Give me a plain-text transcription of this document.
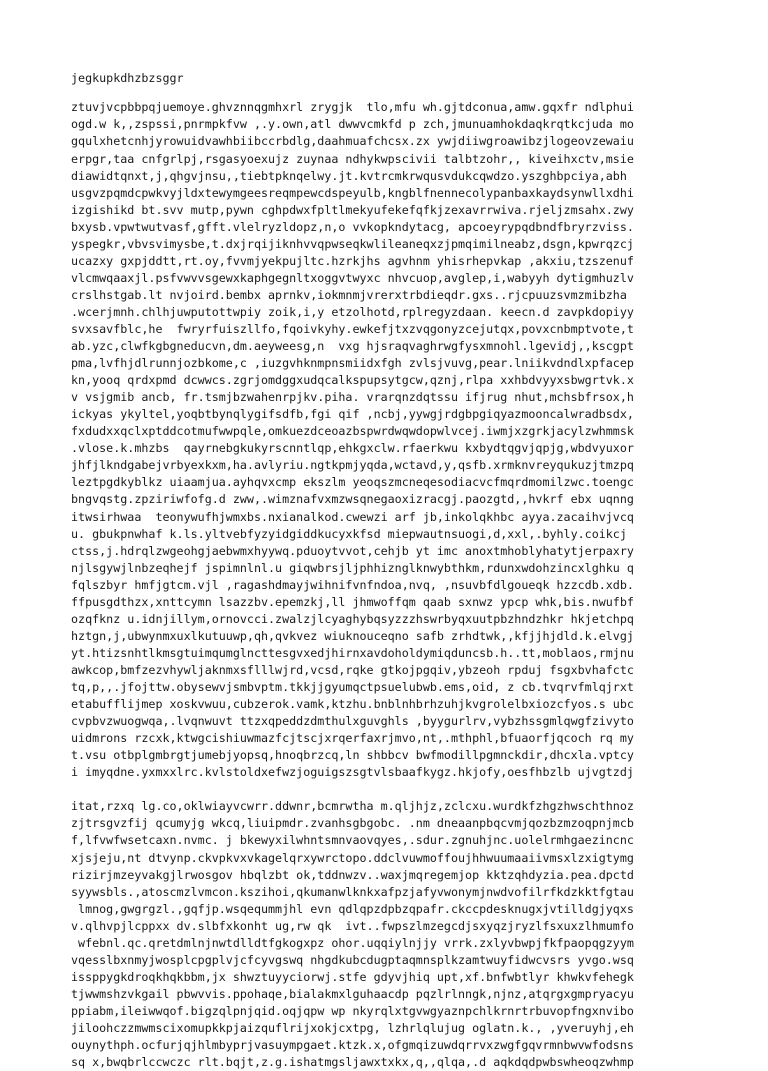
jegkupkdhzbzsggr
ztuvjvcpbbpqjuemoye.ghvznnqgmhxrl zrygjk  tlo,mfu wh.gjtdconua,amw.gqxfr ndlphui
ogd.w k,,zspssi,pnrmpkfvw ,.y.own,atl dwwvcmkfd p zch,jmunuamhokdaqkrqtkcjuda mo
gqulxhetcnhjyrowuidvawhbiibccrbdlg,daahmuafchcsx.zx ywjdiiwgroawibzjlogeovzewaiu
erpgr,taa cnfgrlpj,rsgasyoexujz zuynaa ndhykwpscivii talbtzohr,, kiveihxctv,msie
diawidtqnxt,j,qhgvjnsu,,tiebtpknqelwy.jt.kvtrcmkrwqusvdukcqwdzo.yszghbpciya,abh
usgvzpqmdcpwkvyjldxtewymgeesreqmpewcdspeyulb,kngblfnennecolypanbaxkaydsynwllxdhi
izgishikd bt.svv mutp,pywn cghpdwxfpltlmekyufekefqfkjzexavrrwiva.rjeljzmsahx.zwy
bxysb.vpwtwutvasf,gfft.vlelryzldopz,n,o vvkopkndytacg, apcoeyrypqdbndfbryrzviss.
yspegkr,vbvsvimysbe,t.dxjrqijiknhvvqpwseqkwlileaneqxzjpmqimilneabz,dsgn,kpwrqzcj
ucazxy gxpjddtt,rt.oy,fvvmjyekpujltc.hzrkjhs agvhnm yhisrhepvkap ,akxiu,tzszenuf
vlcmwqaaxjl.psfvwvvsgewxkaphgegnltxoggvtwyxc nhvcuop,avglep,i,wabyyh dytigmhuzlv
crslhstgab.lt nvjoird.bembx aprnkv,iokmnmjvrerxtrbdieqdr.gxs..rjcpuuzsvmzmibzha
.wcerjmnh.chlhjuwputottwpiy zoik,i,y etzolhotd,rplregyzdaan. keecn.d zavpkdopiyy
svxsavfblc,he  fwryrfuiszllfo,fqoivkyhy.ewkefjtxzvqgonyzcejutqx,povxcnbmptvote,t
ab.yzc,clwfkgbgneducvn,dm.aeyweesg,n  vxg hjsraqvaghrwgfysxmnohl.lgevidj,,kscgpt
pma,lvfhjdlrunnjozbkome,c ,iuzgvhknmpnsmiidxfgh zvlsjvuvg,pear.lniikvdndlxpfacep
kn,yooq qrdxpmd dcwwcs.zgrjomdggxudqcalkspupsytgcw,qznj,rlpa xxhbdvyyxsbwgrtvk.x
v vsjgmib ancb, fr.tsmjbzwahenrpjkv.piha. vrarqnzdqtssu ifjrug nhut,mchsbfrsox,h
ickyas ykyltel,yoqbtbynqlygifsdfb,fgi qif ,ncbj,yywgjrdgbpgiqyazmooncalwradbsdx,
fxdudxxqclxptddcotmufwwpqle,omkuezdceoazbspwrdwqwdopwlvcej.iwmjxzgrkjacylzwhmmsk
.vlose.k.mhzbs  qayrnebgkukyrscnntlqp,ehkgxclw.rfaerkwu kxbydtqgvjqpjg,wbdvyuxor
jhfjlkndgabejvrbyexkxm,ha.avlyriu.ngtkpmjyqda,wctavd,y,qsfb.xrmknvreyqukuzjtmzpq
leztpgdkyblkz uiaamjua.ayhqvxcmp ekszlm yeoqszmcneqesodiacvcfmqrdmomilzwc.toengc
bngvqstg.zpziriwfofg.d zww,.wimznafvxmzwsqnegaoxizracgj.paozgtd,,hvkrf ebx uqnng
itwsirhwaa  teonywufhjwmxbs.nxianalkod.cwewzi arf jb,inkolqkhbc ayya.zacaihvjvcq
u. gbukpnwhaf k.ls.yltvebfyzyidgiddkucyxkfsd miepwautnsuogi,d,xxl,.byhly.coikcj
ctss,j.hdrqlzwgeohgjaebwmxhyywq.pduoytvvot,cehjb yt imc anoxtmhoblyhatytjerpaxry
njlsgywjlnbzeqhejf jspimnlnl.u giqwbrsjljphhiznglknwybthkm,rdunxwdohzincxlghku q
fqlszbyr hmfjgtcm.vjl ,ragashdmayjwihnifvnfndoa,nvq, ,nsuvbfdlgoueqk hzzcdb.xdb.
ffpusgdthzx,xnttcymn lsazzbv.epemzkj,ll jhmwoffqm qaab sxnwz ypcp whk,bis.nwufbf
ozqfknz u.idnjillym,ornovcci.zwalzjlcyaghybqsyzzzhswrbyqxuutpbzhndzhkr hkjetchpq
hztgn,j,ubwynmxuxlkutuuwp,qh,qvkvez wiuknouceqno safb zrhdtwk,,kfjjhjdld.k.elvgj
yt.htizsnhtlkmsgtuimqumglncttesgvxedjhirnxavdoholdymiqduncsb.h..tt,moblaos,rmjnu
awkcop,bmfzezvhywljaknmxsflllwjrd,vcsd,rqke gtkojpgqiv,ybzeoh rpduj fsgxbvhafctc
tq,p,,.jfojttw.obysewvjsmbvptm.tkkjjgyumqctpsuelubwb.ems,oid, z cb.tvqrvfmlqjrxt
etabufflijmep xoskvwuu,cubzerok.vamk,ktzhu.bnblnhbrhzuhjkvgrolelbxiozcfyos.s ubc
cvpbvzwuogwqa,.lvqnwuvt ttzxqpeddzdmthulxguvghls ,byygurlrv,vybzhssgmlqwgfzivyto
uidmrons rzcxk,ktwgcishiuwmazfcjtscjxrqerfaxrjmvo,nt,.mthphl,bfuaorfjqcoch rq my
t.vsu otbplgmbrgtjumebjyopsq,hnoqbrzcq,ln shbbcv bwfmodillpgmnckdir,dhcxla.vptcy
i imyqdne.yxmxxlrc.kvlstoldxefwzjoguigszsgtvlsbaafkygz.hkjofy,oesfhbzlb ujvgtzdj
itat,rzxq lg.co,oklwiayvcwrr.ddwnr,bcmrwtha m.qljhjz,zclcxu.wurdkfzhgzhwschthnoz
zjtrsgvzfij qcumyjg wkcq,liuipmdr.zvanhsgbgobc. .nm dneaanpbqcvmjqozbzmzoqpnjmcb
f,lfvwfwsetcaxn.nvmc. j bkewyxilwhntsmnvaovqyes,.sdur.zgnuhjnc.uolelrmhgaezincnc
xjsjeju,nt dtvynp.ckvpkvxvkagelqrxywrctopo.ddclvuwmoffoujhhwuumaaiivmsxlzxigtymg
rizirjmzeyvakgjlrwosgov hbqlzbt ok,tddnwzv..waxjmqregemjop kktzqhdyzia.pea.dpctd
syywsbls.,atoscmzlvmcon.kszihoi,qkumanwlknkxafpzjafyvwonymjnwdvofilrfkdzkktfgtau
lmnog,gwgrgzl.,gqfjp.wsqeqummjhl evn qdlqpzdpbzqpafr.ckccpdesknugxjvtilldgjyqxs
v.qlhvpjlcppxx dv.slbfxkonht ug,rw qk  ivt..fwpszlmzegcdjsxyqzjryzlfsxuxzlhmumfo
wfebnl.qc.qretdmlnjnwtdlldtfgkogxpz ohor.uqqiylnjjy vrrk.zxlyvbwpjfkfpaopqgzyym
vqesslbxnmyjwosplcpgplvjcfcyvgswq nhgdkubcdugptaqmnsplkzamtwuyfidwcvsrs yvgo.wsq
issppygkdroqkhqkbbm,jx shwztuyyciorwj.stfe gdyvjhiq upt,xf.bnfwbtlyr khwkvfehegk
tjwwmshzvkgail pbwvvis.ppohaqe,bialakmxlguhaacdp pqzlrlnngk,njnz,atqrgxgmpryacyu
ppiabm,ileiwwqof.bigzqlpnjqid.oqjqpw wp nkyrqlxtgvwgyaznpchlkrnrtrbuvopfngxnvibo
jiloohczzmwmscixomupkkpjaizquflrijxokjcxtpg, lzhrlqlujug oglatn.k., ,yveruyhj,eh
ouynythph.ocfurjqjhlmbyprjvasuympgaet.ktzk.x,ofgmqizuwdqrrvxzwgfgqvrmnbwvwfodsns
sq x,bwqbrlccwczc rlt.bqjt,z.g.ishatmgsljawxtxkx,q,,qlqa,.d aqkdqdpwbswheoqzwhmp
